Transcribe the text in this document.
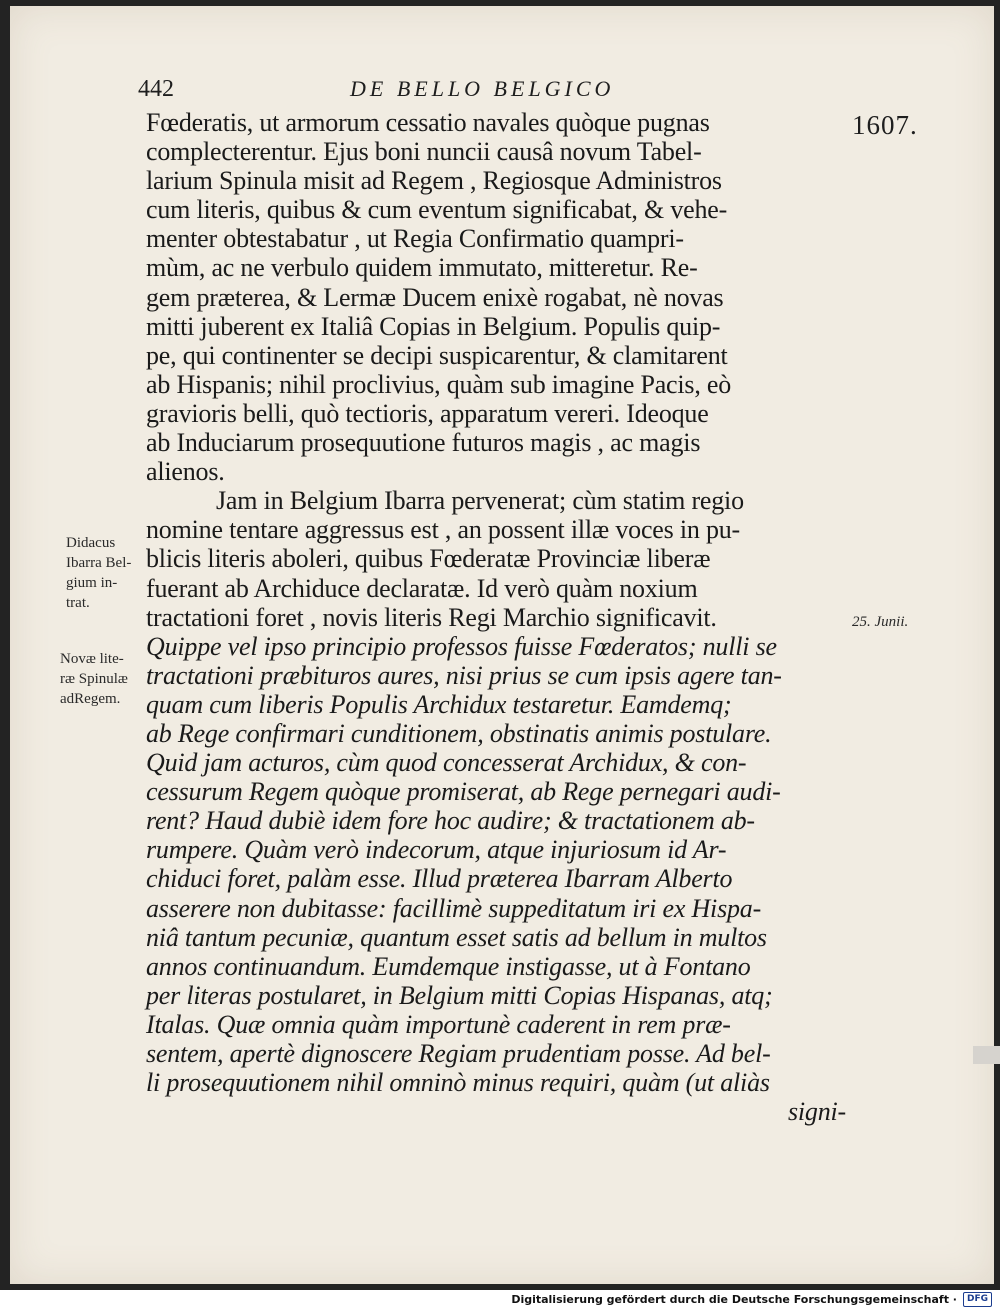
442	DE BELLO BELGICO
1607.
Didacus
Ibarra Bel-
gium in-
trat.
Novæ lite-
ræ Spinulæ
adRegem.
25. Junii.
Fœderatis, ut armorum cessatio navales quòque pugnas
complecterentur. Ejus boni nuncii causâ novum Tabel-
larium Spinula misit ad Regem , Regiosque Administros
cum literis, quibus & cum eventum significabat, & vehe-
menter obtestabatur , ut Regia Confirmatio quampri-
mùm, ac ne verbulo quidem immutato, mitteretur. Re-
gem præterea, & Lermæ Ducem enixè rogabat, nè novas
mitti juberent ex Italiâ Copias in Belgium. Populis quip-
pe, qui continenter se decipi suspicarentur, & clamitarent
ab Hispanis; nihil proclivius, quàm sub imagine Pacis, eò
gravioris belli, quò tectioris, apparatum vereri. Ideoque
ab Induciarum prosequutione futuros magis , ac magis
alienos.
Jam in Belgium Ibarra pervenerat; cùm statim regio
nomine tentare aggressus est , an possent illæ voces in pu-
blicis literis aboleri, quibus Fœderatæ Provinciæ liberæ
fuerant ab Archiduce declaratæ. Id verò quàm noxium
tractationi foret , novis literis Regi Marchio significavit.
Quippe vel ipso principio professos fuisse Fœderatos; nulli se
tractationi præbituros aures, nisi prius se cum ipsis agere tan-
quam cum liberis Populis Archidux testaretur. Eamdemq;
ab Rege confirmari cunditionem, obstinatis animis postulare.
Quid jam acturos, cùm quod concesserat Archidux, & con-
cessurum Regem quòque promiserat, ab Rege pernegari audi-
rent? Haud dubiè idem fore hoc audire; & tractationem ab-
rumpere. Quàm verò indecorum, atque injuriosum id Ar-
chiduci foret, palàm esse. Illud præterea Ibarram Alberto
asserere non dubitasse: facillimè suppeditatum iri ex Hispa-
niâ tantum pecuniæ, quantum esset satis ad bellum in multos
annos continuandum. Eumdemque instigasse, ut à Fontano
per literas postularet, in Belgium mitti Copias Hispanas, atq;
Italas. Quæ omnia quàm importunè caderent in rem præ-
sentem, apertè dignoscere Regiam prudentiam posse. Ad bel-
li prosequutionem nihil omninò minus requiri, quàm (ut aliàs
signi-
Digitalisierung gefördert durch die Deutsche Forschungsgemeinschaft ·	DFG
